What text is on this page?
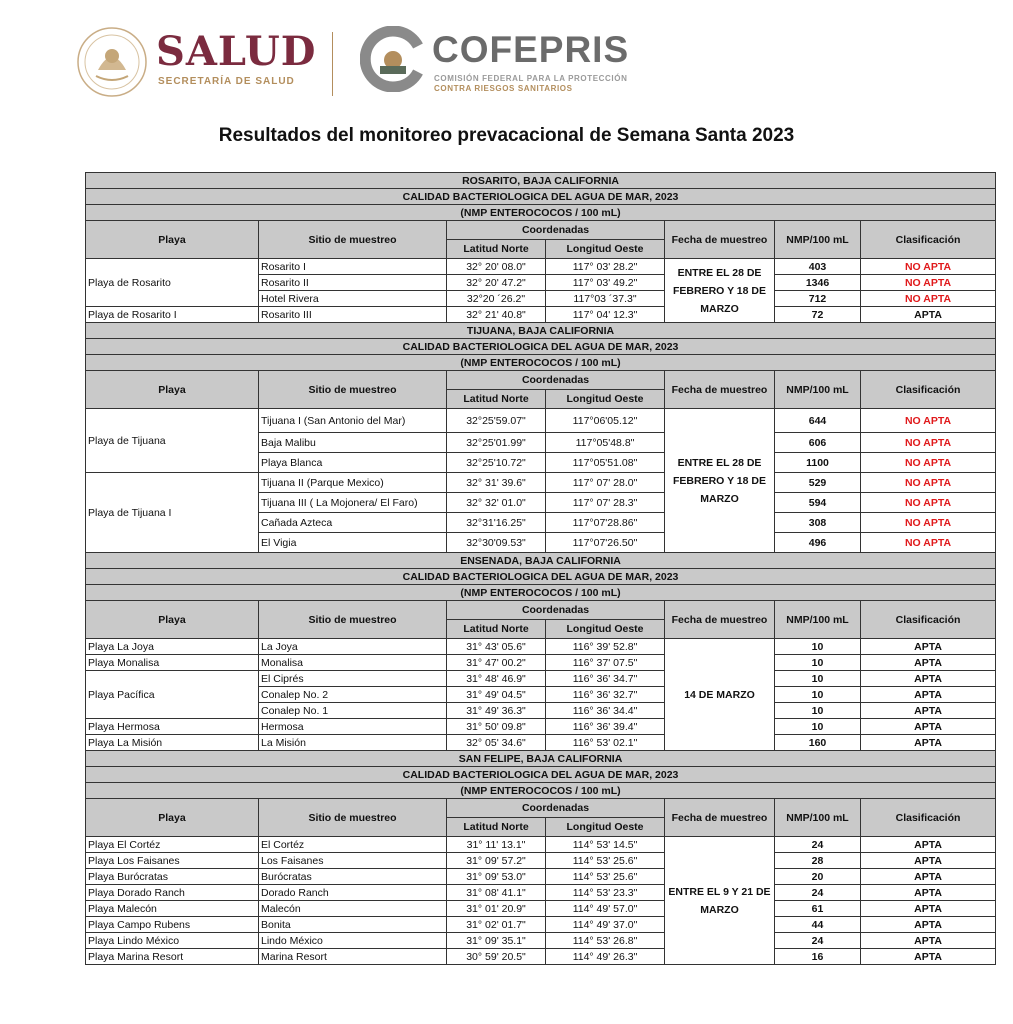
SALUD
SECRETARÍA DE SALUD
COFEPRIS
COMISIÓN FEDERAL PARA LA PROTECCIÓN
CONTRA RIESGOS SANITARIOS
Resultados del monitoreo prevacacional de Semana Santa 2023
ROSARITO, BAJA CALIFORNIA						
CALIDAD BACTERIOLOGICA DEL AGUA DE MAR, 2023						
(NMP ENTEROCOCOS / 100 mL)						
Playa	Sitio de muestreo	Coordenadas		Fecha de muestreo	NMP/100 mL	Clasificación
		Latitud Norte	Longitud Oeste			
Playa de Rosarito	Rosarito I	32° 20' 08.0"	117° 03' 28.2"	ENTRE EL 28 DE FEBRERO Y 18 DE MARZO	403	NO APTA
	Rosarito II	32° 20' 47.2"	117° 03' 49.2"		1346	NO APTA
	Hotel Rivera	32°20 ´26.2"	117°03 ´37.3"		712	NO APTA
Playa de Rosarito I	Rosarito III	32° 21' 40.8"	117° 04' 12.3"		72	APTA
TIJUANA, BAJA CALIFORNIA						
CALIDAD BACTERIOLOGICA DEL AGUA DE MAR, 2023						
(NMP ENTEROCOCOS / 100 mL)						
Playa	Sitio de muestreo	Coordenadas		Fecha de muestreo	NMP/100 mL	Clasificación
		Latitud Norte	Longitud Oeste			
Playa de Tijuana	Tijuana I (San Antonio del Mar)	32°25'59.07"	117°06'05.12"	ENTRE EL 28 DE FEBRERO Y 18 DE MARZO	644	NO APTA
	Baja Malibu	32°25'01.99"	117°05'48.8"		606	NO APTA
	Playa Blanca	32°25'10.72"	117°05'51.08"		1100	NO APTA
Playa de Tijuana I	Tijuana II (Parque Mexico)	32° 31' 39.6"	117° 07' 28.0"		529	NO APTA
	Tijuana III ( La Mojonera/ El Faro)	32° 32' 01.0"	117° 07' 28.3"		594	NO APTA
	Cañada Azteca	32°31'16.25"	117°07'28.86"		308	NO APTA
	El Vigia	32°30'09.53"	117°07'26.50"		496	NO APTA
ENSENADA, BAJA CALIFORNIA						
CALIDAD BACTERIOLOGICA DEL AGUA DE MAR, 2023						
(NMP ENTEROCOCOS / 100 mL)						
Playa	Sitio de muestreo	Coordenadas		Fecha de muestreo	NMP/100 mL	Clasificación
		Latitud Norte	Longitud Oeste			
Playa La Joya	La Joya	31° 43' 05.6"	116° 39' 52.8"	14 DE MARZO	10	APTA
Playa Monalisa	Monalisa	31° 47' 00.2"	116° 37' 07.5"		10	APTA
Playa Pacífica	El Ciprés	31° 48' 46.9"	116° 36' 34.7"		10	APTA
	Conalep No. 2	31° 49' 04.5"	116° 36' 32.7"		10	APTA
	Conalep No. 1	31° 49' 36.3"	116° 36' 34.4"		10	APTA
Playa Hermosa	Hermosa	31° 50' 09.8"	116° 36' 39.4"		10	APTA
Playa La Misión	La Misión	32° 05' 34.6"	116° 53' 02.1"		160	APTA
SAN FELIPE, BAJA CALIFORNIA						
CALIDAD BACTERIOLOGICA DEL AGUA DE MAR, 2023						
(NMP ENTEROCOCOS / 100 mL)						
Playa	Sitio de muestreo	Coordenadas		Fecha de muestreo	NMP/100 mL	Clasificación
		Latitud Norte	Longitud Oeste			
Playa El Cortéz	El Cortéz	31° 11' 13.1"	114° 53' 14.5"	ENTRE EL 9 Y 21 DE MARZO	24	APTA
Playa Los Faisanes	Los Faisanes	31° 09' 57.2"	114° 53' 25.6"		28	APTA
Playa Burócratas	Burócratas	31° 09' 53.0"	114° 53' 25.6"		20	APTA
Playa Dorado Ranch	Dorado Ranch	31° 08' 41.1"	114° 53' 23.3"		24	APTA
Playa Malecón	Malecón	31° 01' 20.9"	114° 49' 57.0"		61	APTA
Playa Campo Rubens	Bonita	31° 02' 01.7"	114° 49' 37.0"		44	APTA
Playa Lindo México	Lindo México	31° 09' 35.1"	114° 53' 26.8"		24	APTA
Playa Marina Resort	Marina Resort	30° 59' 20.5"	114° 49' 26.3"		16	APTA
